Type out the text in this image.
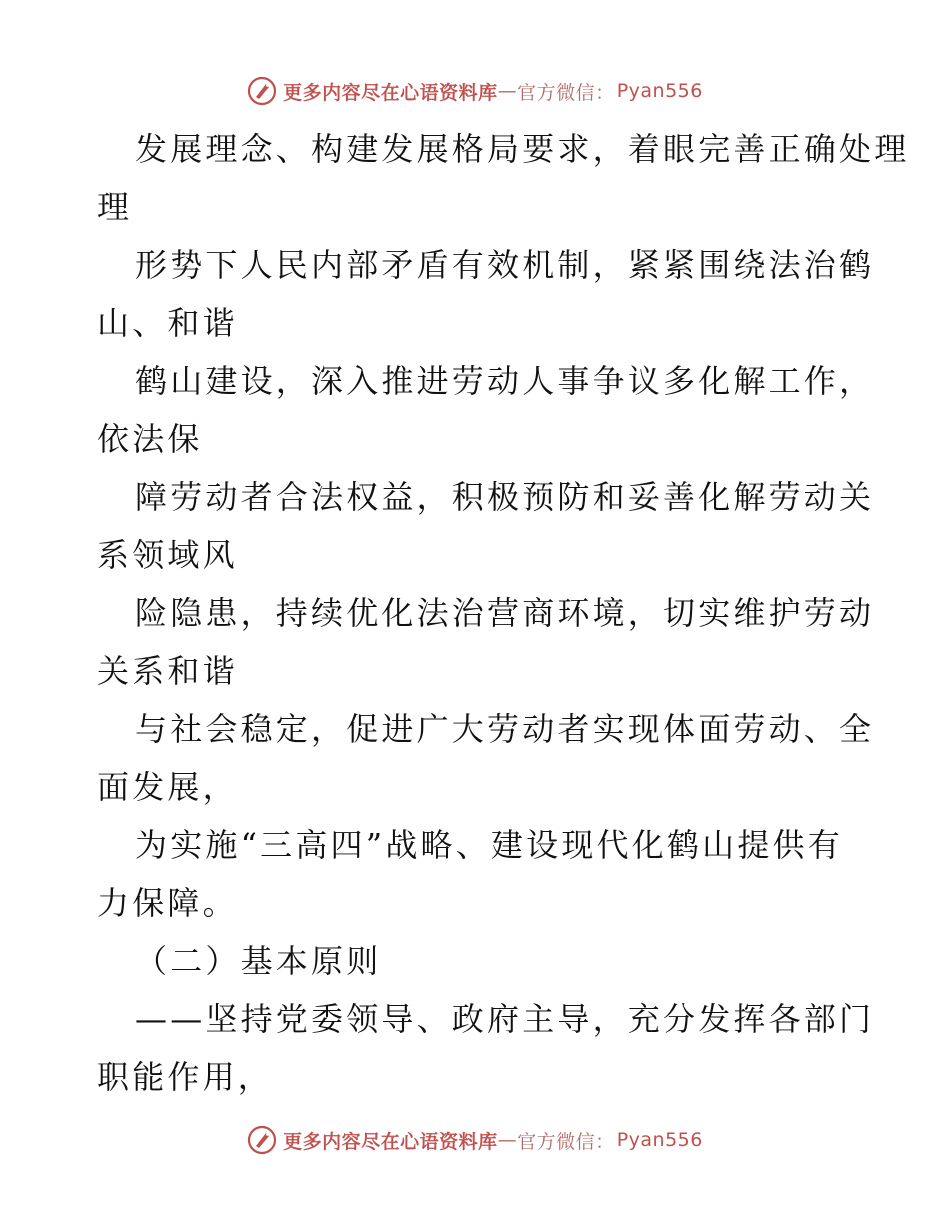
更多内容尽在心语资料库 — 官方微信： Pyan556

发展理念、构建发展格局要求，着眼完善正确处理

理

形势下人民内部矛盾有效机制，紧紧围绕法治鹤

山、和谐

鹤山建设，深入推进劳动人事争议多化解工作，

依法保

障劳动者合法权益，积极预防和妥善化解劳动关

系领域风

险隐患，持续优化法治营商环境，切实维护劳动

关系和谐

与社会稳定，促进广大劳动者实现体面劳动、全

面发展，

为实施“三高四”战略、建设现代化鹤山提供有

力保障。

（二）基本原则

——坚持党委领导、政府主导，充分发挥各部门

职能作用，

更多内容尽在心语资料库 — 官方微信： Pyan556
